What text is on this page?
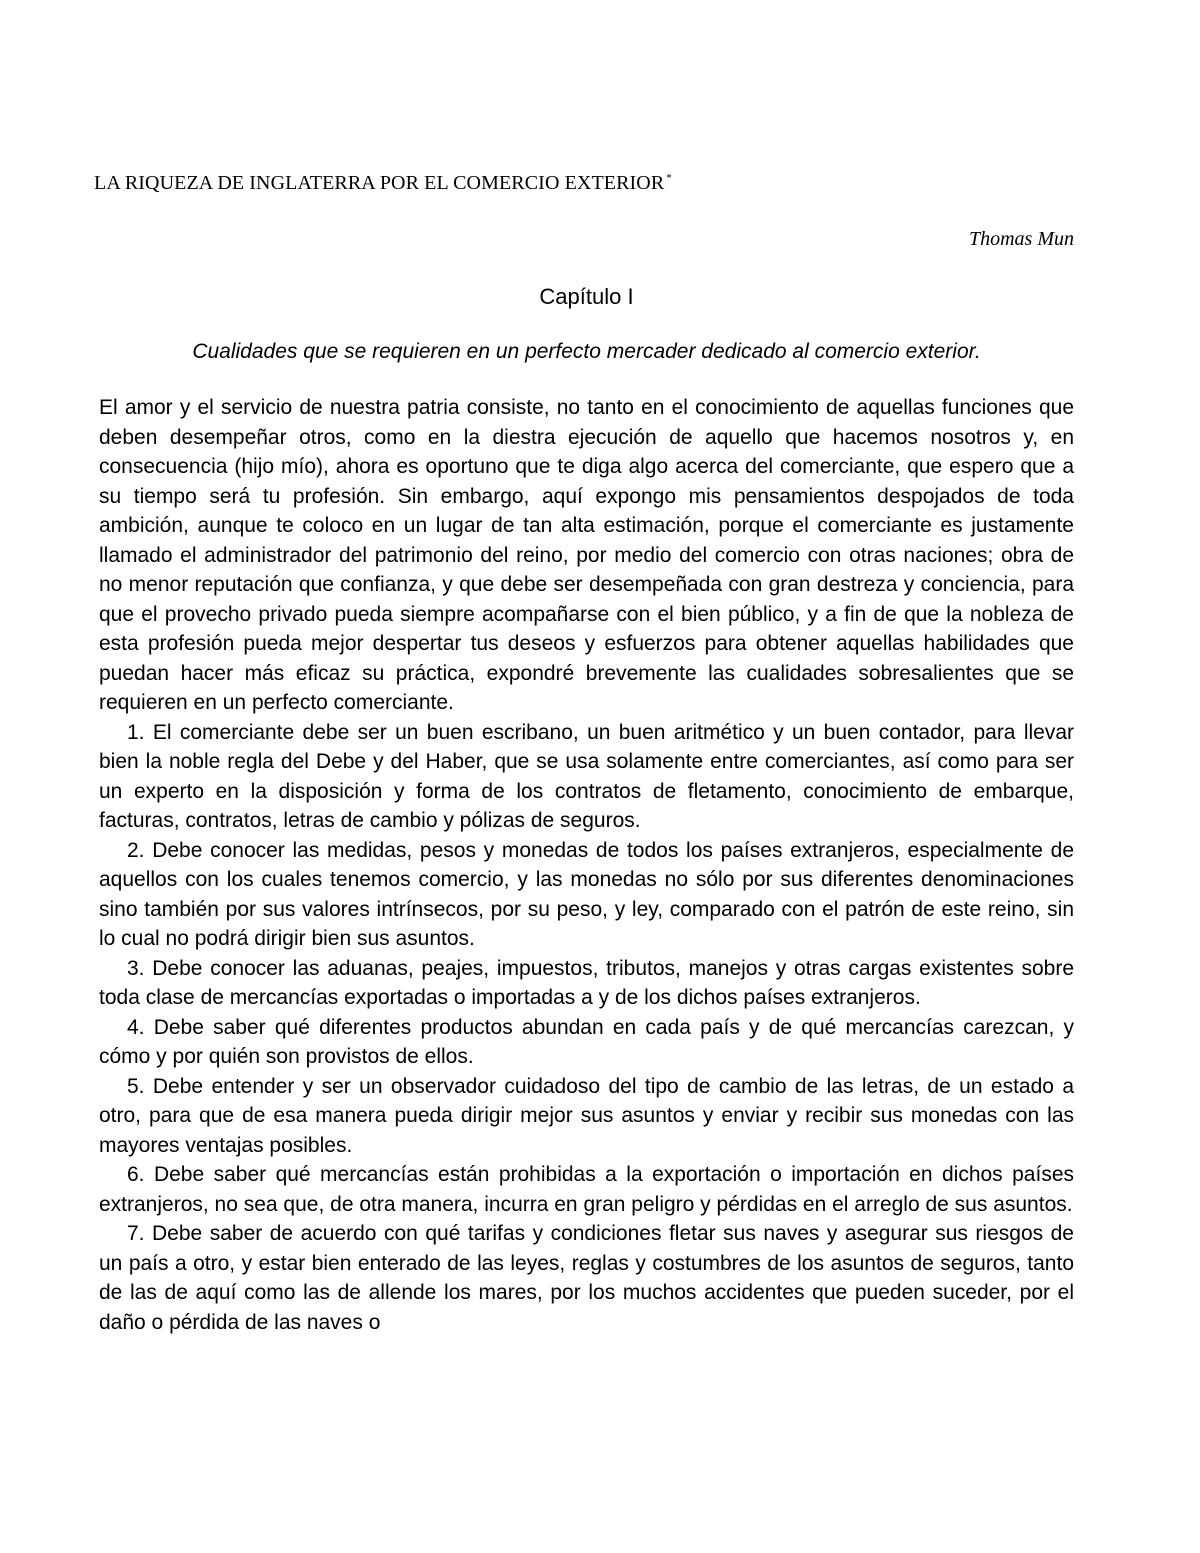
LA RIQUEZA DE INGLATERRA POR EL COMERCIO EXTERIOR *

Thomas Mun

Capítulo I
Cualidades que se requieren en un perfecto mercader dedicado al comercio exterior.

El amor y el servicio de nuestra patria consiste, no tanto en el conocimiento de aquellas funciones que deben desempeñar otros, como en la diestra ejecución de aquello que hacemos nosotros y, en consecuencia (hijo mío), ahora es oportuno que te diga algo acerca del comerciante, que espero que a su tiempo será tu profesión. Sin embargo, aquí expongo mis pensamientos despojados de toda ambición, aunque te coloco en un lugar de tan alta estimación, porque el comerciante es justamente llamado el administrador del patrimonio del reino, por medio del comercio con otras naciones; obra de no menor reputación que confianza, y que debe ser desempeñada con gran destreza y conciencia, para que el provecho privado pueda siempre acompañarse con el bien público, y a fin de que la nobleza de esta profesión pueda mejor despertar tus deseos y esfuerzos para obtener aquellas habilidades que puedan hacer más eficaz su práctica, expondré brevemente las cualidades sobresalientes que se requieren en un perfecto comerciante.

1. El comerciante debe ser un buen escribano, un buen aritmético y un buen contador, para llevar bien la noble regla del Debe y del Haber, que se usa solamente entre comerciantes, así como para ser un experto en la disposición y forma de los contratos de fletamento, conocimiento de embarque, facturas, contratos, letras de cambio y pólizas de seguros.

2. Debe conocer las medidas, pesos y monedas de todos los países extranjeros, especialmente de aquellos con los cuales tenemos comercio, y las monedas no sólo por sus diferentes denominaciones sino también por sus valores intrínsecos, por su peso, y ley, comparado con el patrón de este reino, sin lo cual no podrá dirigir bien sus asuntos.

3. Debe conocer las aduanas, peajes, impuestos, tributos, manejos y otras cargas existentes sobre toda clase de mercancías exportadas o importadas a y de los dichos países extranjeros.

4. Debe saber qué diferentes productos abundan en cada país y de qué mercancías carezcan, y cómo y por quién son provistos de ellos.

5. Debe entender y ser un observador cuidadoso del tipo de cambio de las letras, de un estado a otro, para que de esa manera pueda dirigir mejor sus asuntos y enviar y recibir sus monedas con las mayores ventajas posibles.

6. Debe saber qué mercancías están prohibidas a la exportación o importación en dichos países extranjeros, no sea que, de otra manera, incurra en gran peligro y pérdidas en el arreglo de sus asuntos.

7. Debe saber de acuerdo con qué tarifas y condiciones fletar sus naves y asegurar sus riesgos de un país a otro, y estar bien enterado de las leyes, reglas y costumbres de los asuntos de seguros, tanto de las de aquí como las de allende los mares, por los muchos accidentes que pueden suceder, por el daño o pérdida de las naves o
